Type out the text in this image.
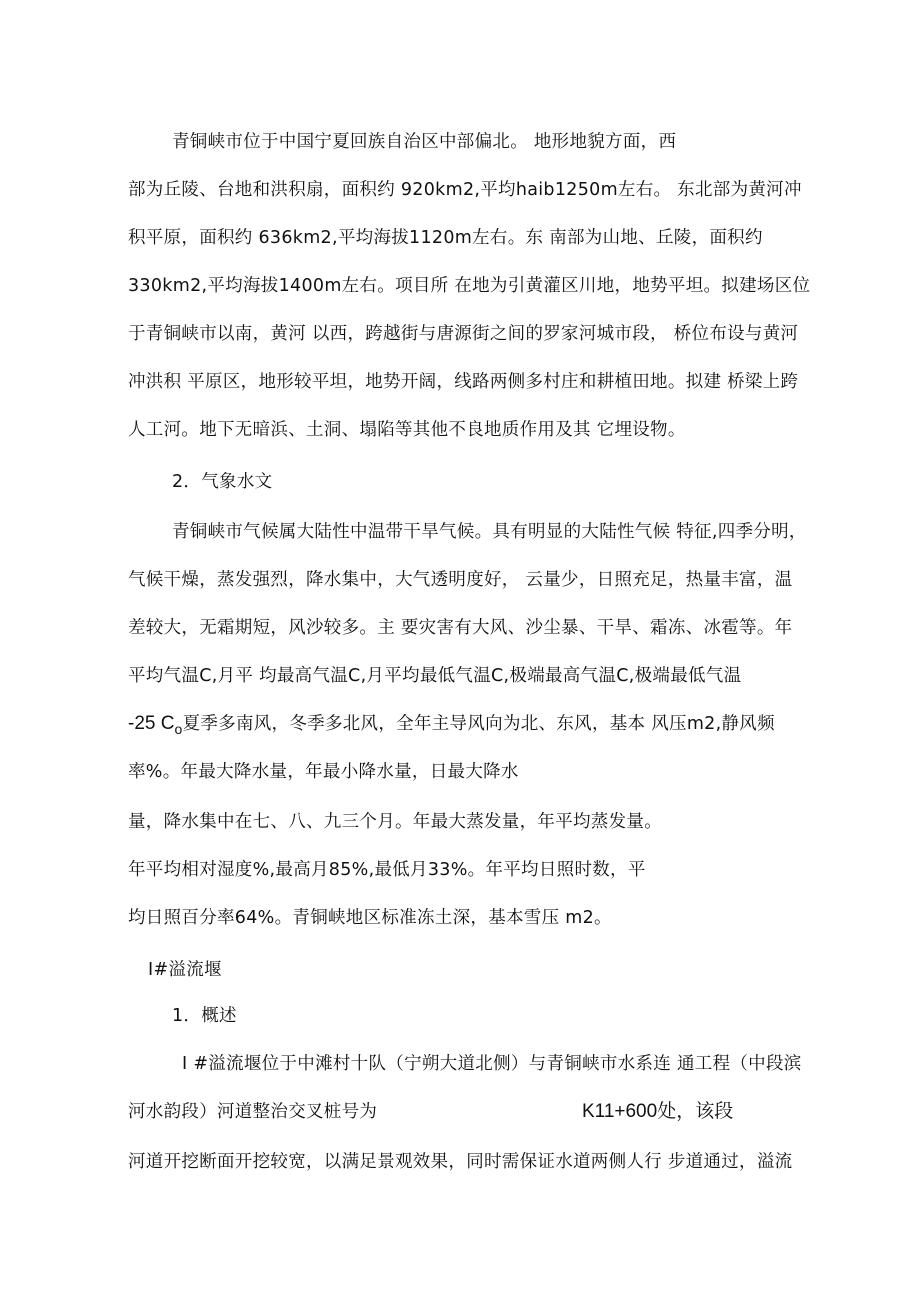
青铜峡市位于中国宁夏回族自治区中部偏北。 地形地貌方面，西
部为丘陵、台地和洪积扇，面积约 920km2,平均haib1250m左右。 东北部为黄河冲
积平原，面积约 636km2,平均海拔1120m左右。东 南部为山地、丘陵，面积约
330km2,平均海拔1400m左右。项目所 在地为引黄灌区川地，地势平坦。拟建场区位
于青铜峡市以南，黄河 以西，跨越街与唐源街之间的罗家河城市段， 桥位布设与黄河
冲洪积 平原区，地形较平坦，地势开阔，线路两侧多村庄和耕植田地。拟建 桥梁上跨
人工河。地下无暗浜、土洞、塌陷等其他不良地质作用及其 它埋设物。
2．气象水文
青铜峡市气候属大陆性中温带干旱气候。具有明显的大陆性气候 特征,四季分明，
气候干燥，蒸发强烈，降水集中，大气透明度好， 云量少，日照充足，热量丰富，温
差较大，无霜期短，风沙较多。主 要灾害有大风、沙尘暴、干旱、霜冻、冰雹等。年
平均气温C,月平 均最高气温C,月平均最低气温C,极端最高气温C,极端最低气温
-25 $C_o$夏季多南风，冬季多北风，全年主导风向为北、东风，基本 风压m2,静风频
率%。年最大降水量，年最小降水量，日最大降水
量，降水集中在七、八、九三个月。年最大蒸发量，年平均蒸发量。
年平均相对湿度%,最高月85%,最低月33%。年平均日照时数，平
均日照百分率64%。青铜峡地区标准冻土深，基本雪压 m2。
I#溢流堰
1．概述
I #溢流堰位于中滩村十队（宁朔大道北侧）与青铜峡市水系连 通工程（中段滨
河水韵段）河道整治交叉桩号为	K11+600处，该段
河道开挖断面开挖较宽，以满足景观效果，同时需保证水道两侧人行 步道通过，溢流
